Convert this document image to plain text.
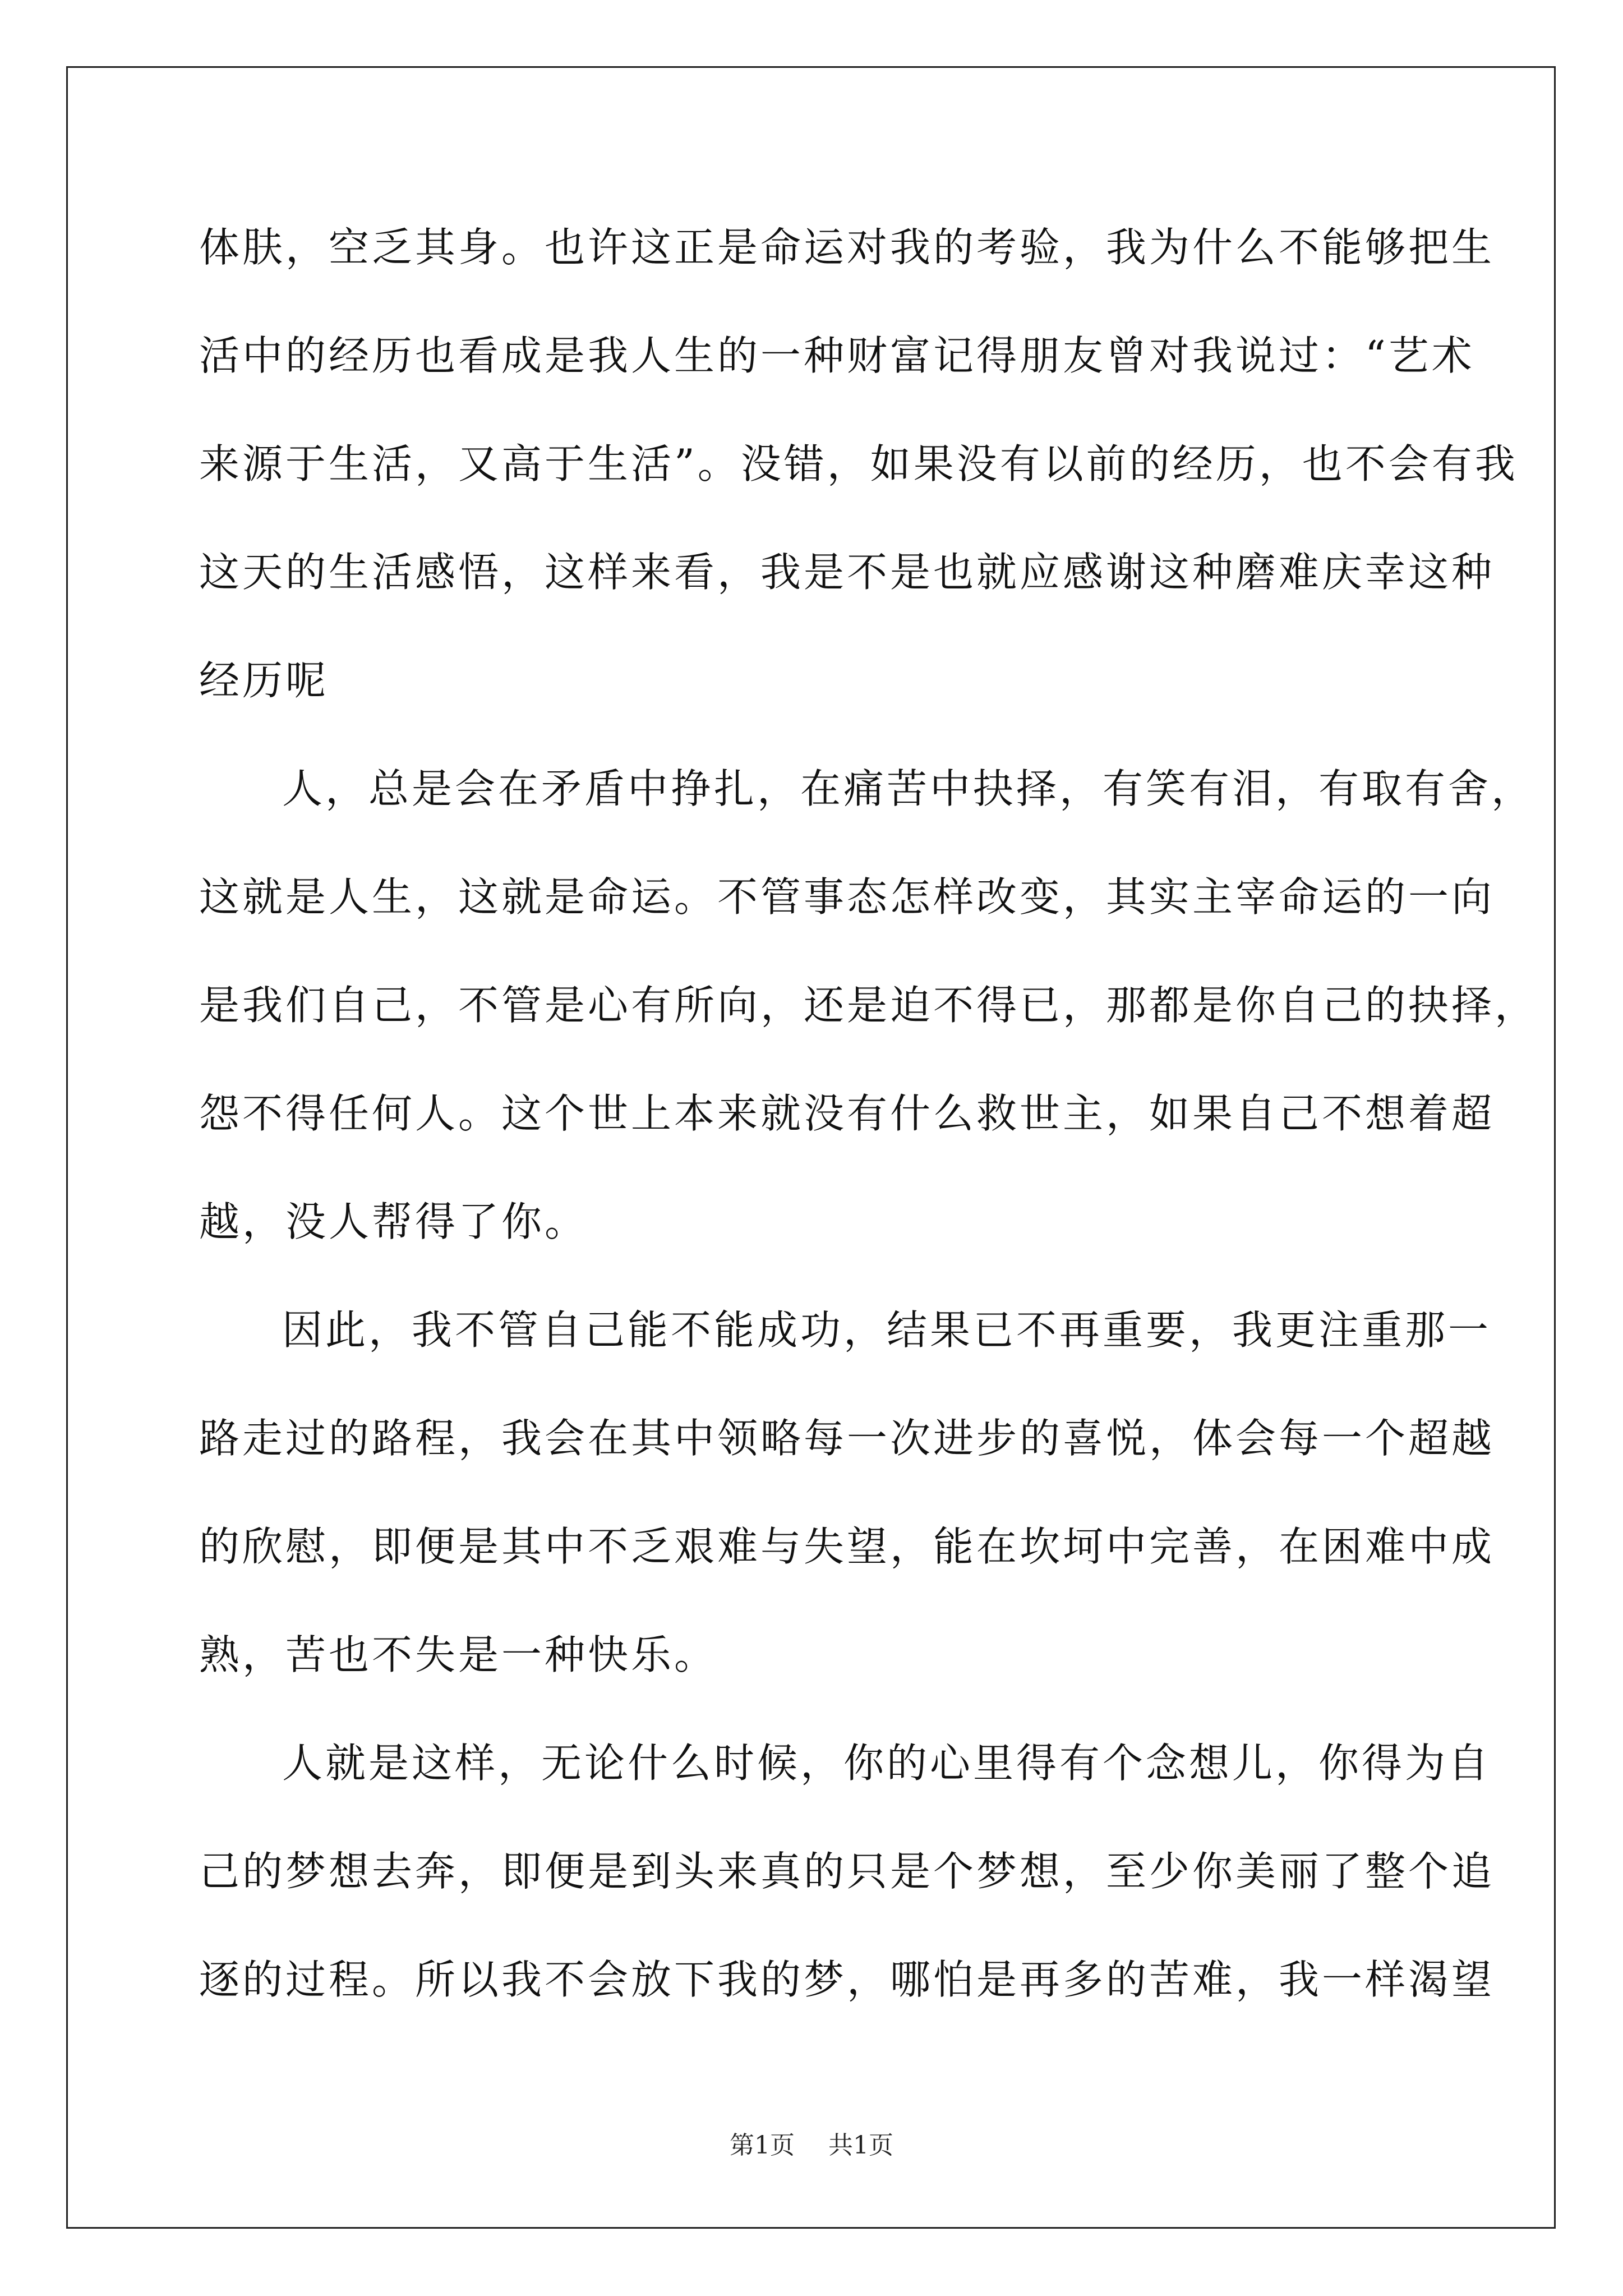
体肤，空乏其身。也许这正是命运对我的考验，我为什么不能够把生
活中的经历也看成是我人生的一种财富记得朋友曾对我说过：“艺术
来源于生活，又高于生活”。没错，如果没有以前的经历，也不会有我
这天的生活感悟，这样来看，我是不是也就应感谢这种磨难庆幸这种
经历呢
人，总是会在矛盾中挣扎，在痛苦中抉择，有笑有泪，有取有舍，
这就是人生，这就是命运。不管事态怎样改变，其实主宰命运的一向
是我们自己，不管是心有所向，还是迫不得已，那都是你自己的抉择，
怨不得任何人。这个世上本来就没有什么救世主，如果自己不想着超
越，没人帮得了你。
因此，我不管自己能不能成功，结果已不再重要，我更注重那一
路走过的路程，我会在其中领略每一次进步的喜悦，体会每一个超越
的欣慰，即便是其中不乏艰难与失望，能在坎坷中完善，在困难中成
熟，苦也不失是一种快乐。
人就是这样，无论什么时候，你的心里得有个念想儿，你得为自
己的梦想去奔，即便是到头来真的只是个梦想，至少你美丽了整个追
逐的过程。所以我不会放下我的梦，哪怕是再多的苦难，我一样渴望
第1页 共1页
